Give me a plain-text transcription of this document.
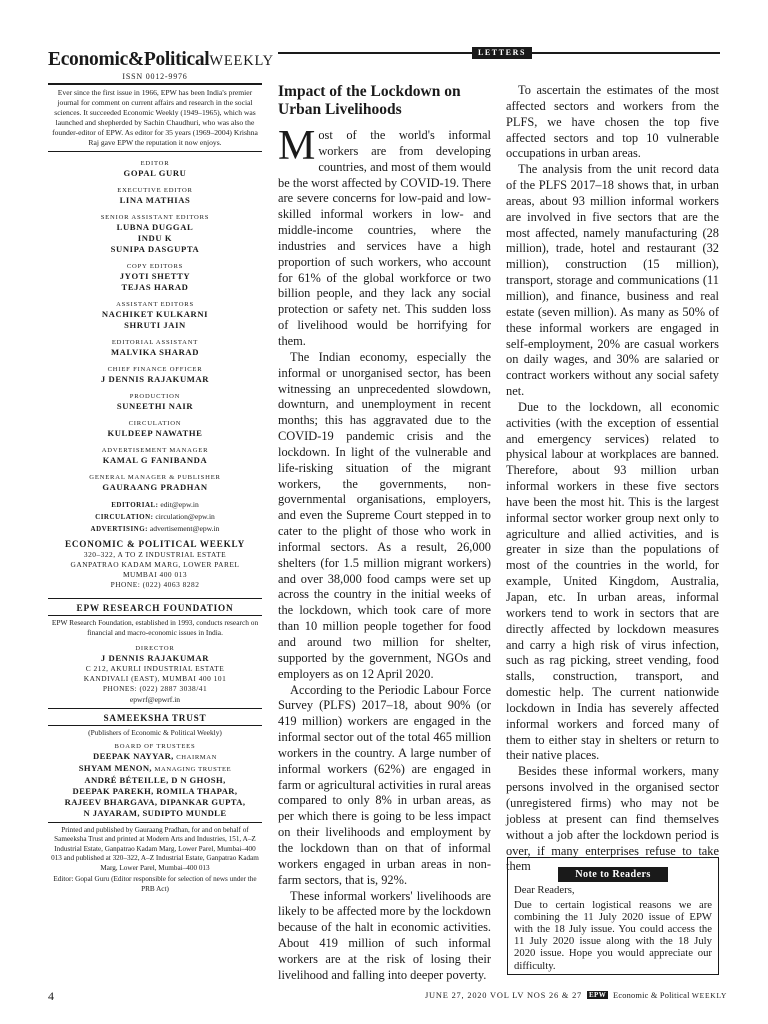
Economic&PoliticalWEEKLY
ISSN 0012-9976
Ever since the first issue in 1966, EPW has been India's premier journal for comment on current affairs and research in the social sciences. It succeeded Economic Weekly (1949–1965), which was launched and shepherded by Sachin Chaudhuri, who was also the founder-editor of EPW. As editor for 35 years (1969–2004) Krishna Raj gave EPW the reputation it now enjoys.
EDITOR
GOPAL GURU
EXECUTIVE EDITOR
LINA MATHIAS
SENIOR ASSISTANT EDITORS
LUBNA DUGGAL
INDU K
SUNIPA DASGUPTA
COPY EDITORS
JYOTI SHETTY
TEJAS HARAD
ASSISTANT EDITORS
NACHIKET KULKARNI
SHRUTI JAIN
EDITORIAL ASSISTANT
MALVIKA SHARAD
CHIEF FINANCE OFFICER
J DENNIS RAJAKUMAR
PRODUCTION
SUNEETHI NAIR
CIRCULATION
KULDEEP NAWATHE
ADVERTISEMENT MANAGER
KAMAL G FANIBANDA
GENERAL MANAGER & PUBLISHER
GAURAANG PRADHAN
EDITORIAL: edit@epw.in
CIRCULATION: circulation@epw.in
ADVERTISING: advertisement@epw.in
ECONOMIC & POLITICAL WEEKLY
320–322, A TO Z INDUSTRIAL ESTATE
GANPATRAO KADAM MARG, LOWER PAREL
MUMBAI 400 013
PHONE: (022) 4063 8282
EPW RESEARCH FOUNDATION
EPW Research Foundation, established in 1993, conducts research on financial and macro-economic issues in India.
DIRECTOR
J DENNIS RAJAKUMAR
C 212, AKURLI INDUSTRIAL ESTATE
KANDIVALI (EAST), MUMBAI 400 101
PHONES: (022) 2887 3038/41
epwrf@epwrf.in
SAMEEKSHA TRUST
(Publishers of Economic & Political Weekly)
BOARD OF TRUSTEES
DEEPAK NAYYAR, CHAIRMAN
SHYAM MENON, MANAGING TRUSTEE
ANDRÉ BÉTEILLE, D N GHOSH,
DEEPAK PAREKH, ROMILA THAPAR,
RAJEEV BHARGAVA, DIPANKAR GUPTA,
N JAYARAM, SUDIPTO MUNDLE
Printed and published by Gauraang Pradhan, for and on behalf of Sameeksha Trust and printed at Modern Arts and Industries, 151, A–Z Industrial Estate, Ganpatrao Kadam Marg, Lower Parel, Mumbai–400 013 and published at 320–322, A–Z Industrial Estate, Ganpatrao Kadam Marg, Lower Parel, Mumbai–400 013
Editor: Gopal Guru (Editor responsible for selection of news under the PRB Act)
LETTERS
Impact of the Lockdown on Urban Livelihoods

Most of the world's informal workers are from developing countries, and most of them would be the worst affected by COVID-19. There are severe concerns for low-paid and low-skilled informal workers in low- and middle-income countries, where the industries and services have a high proportion of such workers, who account for 61% of the global workforce or two billion people, and they lack any social protection or safety net. This sudden loss of livelihood would be horrifying for them.

The Indian economy, especially the informal or unorganised sector, has been witnessing an unprecedented slowdown, downturn, and unemployment in recent months; this has aggravated due to the COVID-19 pandemic crisis and the lockdown. In light of the vulnerable and life-risking situation of the migrant workers, the governments, non-governmental organisations, employers, and even the Supreme Court stepped in to cater to the plight of those who work in informal sectors. As a result, 26,000 shelters (for 1.5 million migrant workers) and over 38,000 food camps were set up across the country in the initial weeks of the lockdown, which took care of more than 10 million people together for food and around two million for shelter, supported by the government, NGOs and employers as on 12 April 2020.

According to the Periodic Labour Force Survey (PLFS) 2017–18, about 90% (or 419 million) workers are engaged in the informal sector out of the total 465 million workers in the country. A large number of informal workers (62%) are engaged in farm or agricultural activities in rural areas compared to only 8% in urban areas, as per which there is going to be less impact on their livelihoods and employment by the lockdown than on that of informal workers engaged in urban areas in non-farm sectors, that is, 92%.

These informal workers' livelihoods are likely to be affected more by the lockdown because of the halt in economic activities. About 419 million of such informal workers are at the risk of losing their livelihood and falling into deeper poverty.

To ascertain the estimates of the most affected sectors and workers from the PLFS, we have chosen the top five affected sectors and top 10 vulnerable occupations in urban areas.

The analysis from the unit record data of the PLFS 2017–18 shows that, in urban areas, about 93 million informal workers are involved in five sectors that are the most affected, namely manufacturing (28 million), trade, hotel and restaurant (32 million), construction (15 million), transport, storage and communications (11 million), and finance, business and real estate (seven million). As many as 50% of these informal workers are engaged in self-employment, 20% are casual workers on daily wages, and 30% are salaried or contract workers without any social safety net.

Due to the lockdown, all economic activities (with the exception of essential and emergency services) related to physical labour at workplaces are banned. Therefore, about 93 million urban informal workers in these five sectors have been the most hit. This is the largest informal sector worker group next only to agriculture and allied activities, and is greater in size than the populations of most of the countries in the world, for example, United Kingdom, Australia, Japan, etc. In urban areas, informal workers tend to work in sectors that are directly affected by lockdown measures and carry a high risk of virus infection, such as rag picking, street vending, food stalls, construction, transport, and domestic help. The current nationwide lockdown in India has severely affected informal workers and forced many of them to either stay in shelters or return to their native places.

Besides these informal workers, many persons involved in the organised sector (unregistered firms) who may not be jobless at present can find themselves without a job after the lockdown period is over, if many enterprises refuse to take them

Note to Readers
Dear Readers,
Due to certain logistical reasons we are combining the 11 July 2020 issue of EPW with the 18 July issue. You could access the 11 July 2020 issue along with the 18 July 2020 issue. Hope you would appreciate our difficulty.
4	JUNE 27, 2020 VOL LV NOS 26 & 27 EPW Economic & Political WEEKLY
